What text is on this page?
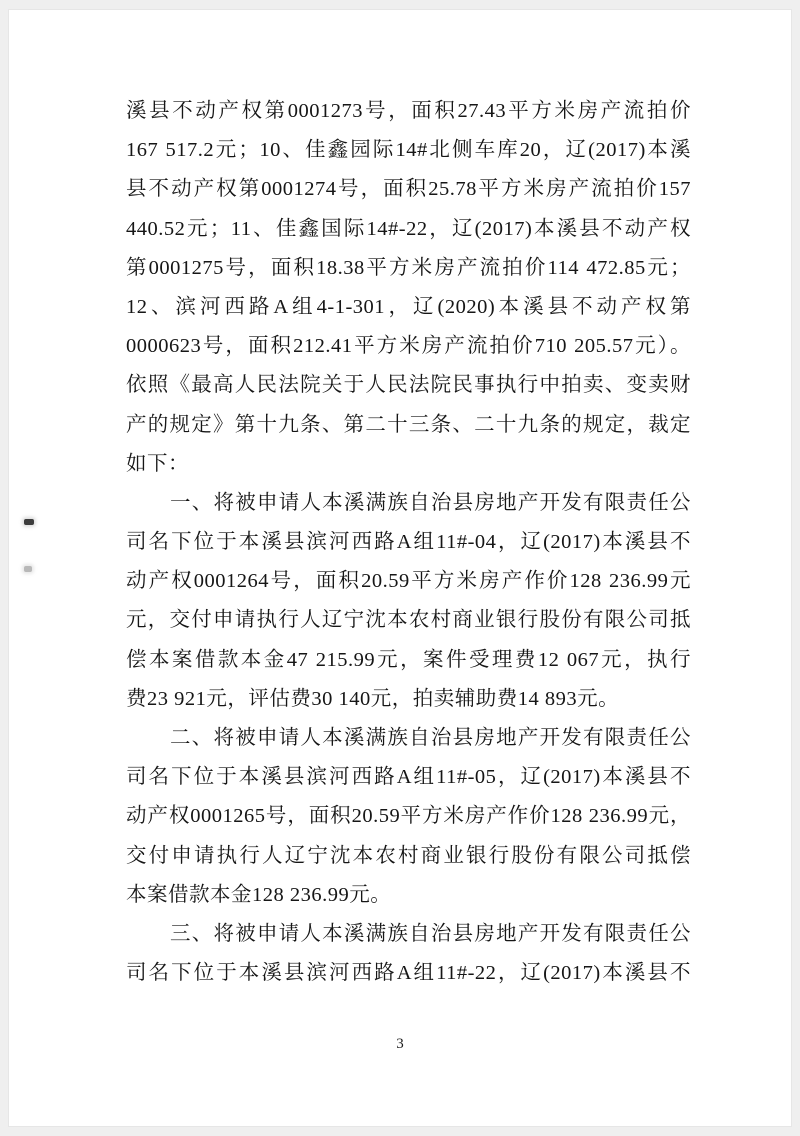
溪县不动产权第0001273号，面积27.43平方米房产流拍价
167 517.2元；10、佳鑫园际14#北侧车库20，辽(2017)本溪
县不动产权第0001274号，面积25.78平方米房产流拍价157
440.52元；11、佳鑫国际14#-22，辽(2017)本溪县不动产权
第0001275号，面积18.38平方米房产流拍价114 472.85元；
12、滨河西路A组4-1-301，辽(2020)本溪县不动产权第
0000623号，面积212.41平方米房产流拍价710 205.57元）。
依照《最高人民法院关于人民法院民事执行中拍卖、变卖财
产的规定》第十九条、第二十三条、二十九条的规定，裁定
如下：
一、将被申请人本溪满族自治县房地产开发有限责任公
司名下位于本溪县滨河西路A组11#-04，辽(2017)本溪县不
动产权0001264号，面积20.59平方米房产作价128 236.99元
元，交付申请执行人辽宁沈本农村商业银行股份有限公司抵
偿本案借款本金47 215.99元，案件受理费12 067元，执行
费23 921元，评估费30 140元，拍卖辅助费14 893元。
二、将被申请人本溪满族自治县房地产开发有限责任公
司名下位于本溪县滨河西路A组11#-05，辽(2017)本溪县不
动产权0001265号，面积20.59平方米房产作价128 236.99元，
交付申请执行人辽宁沈本农村商业银行股份有限公司抵偿
本案借款本金128 236.99元。
三、将被申请人本溪满族自治县房地产开发有限责任公
司名下位于本溪县滨河西路A组11#-22，辽(2017)本溪县不
3
